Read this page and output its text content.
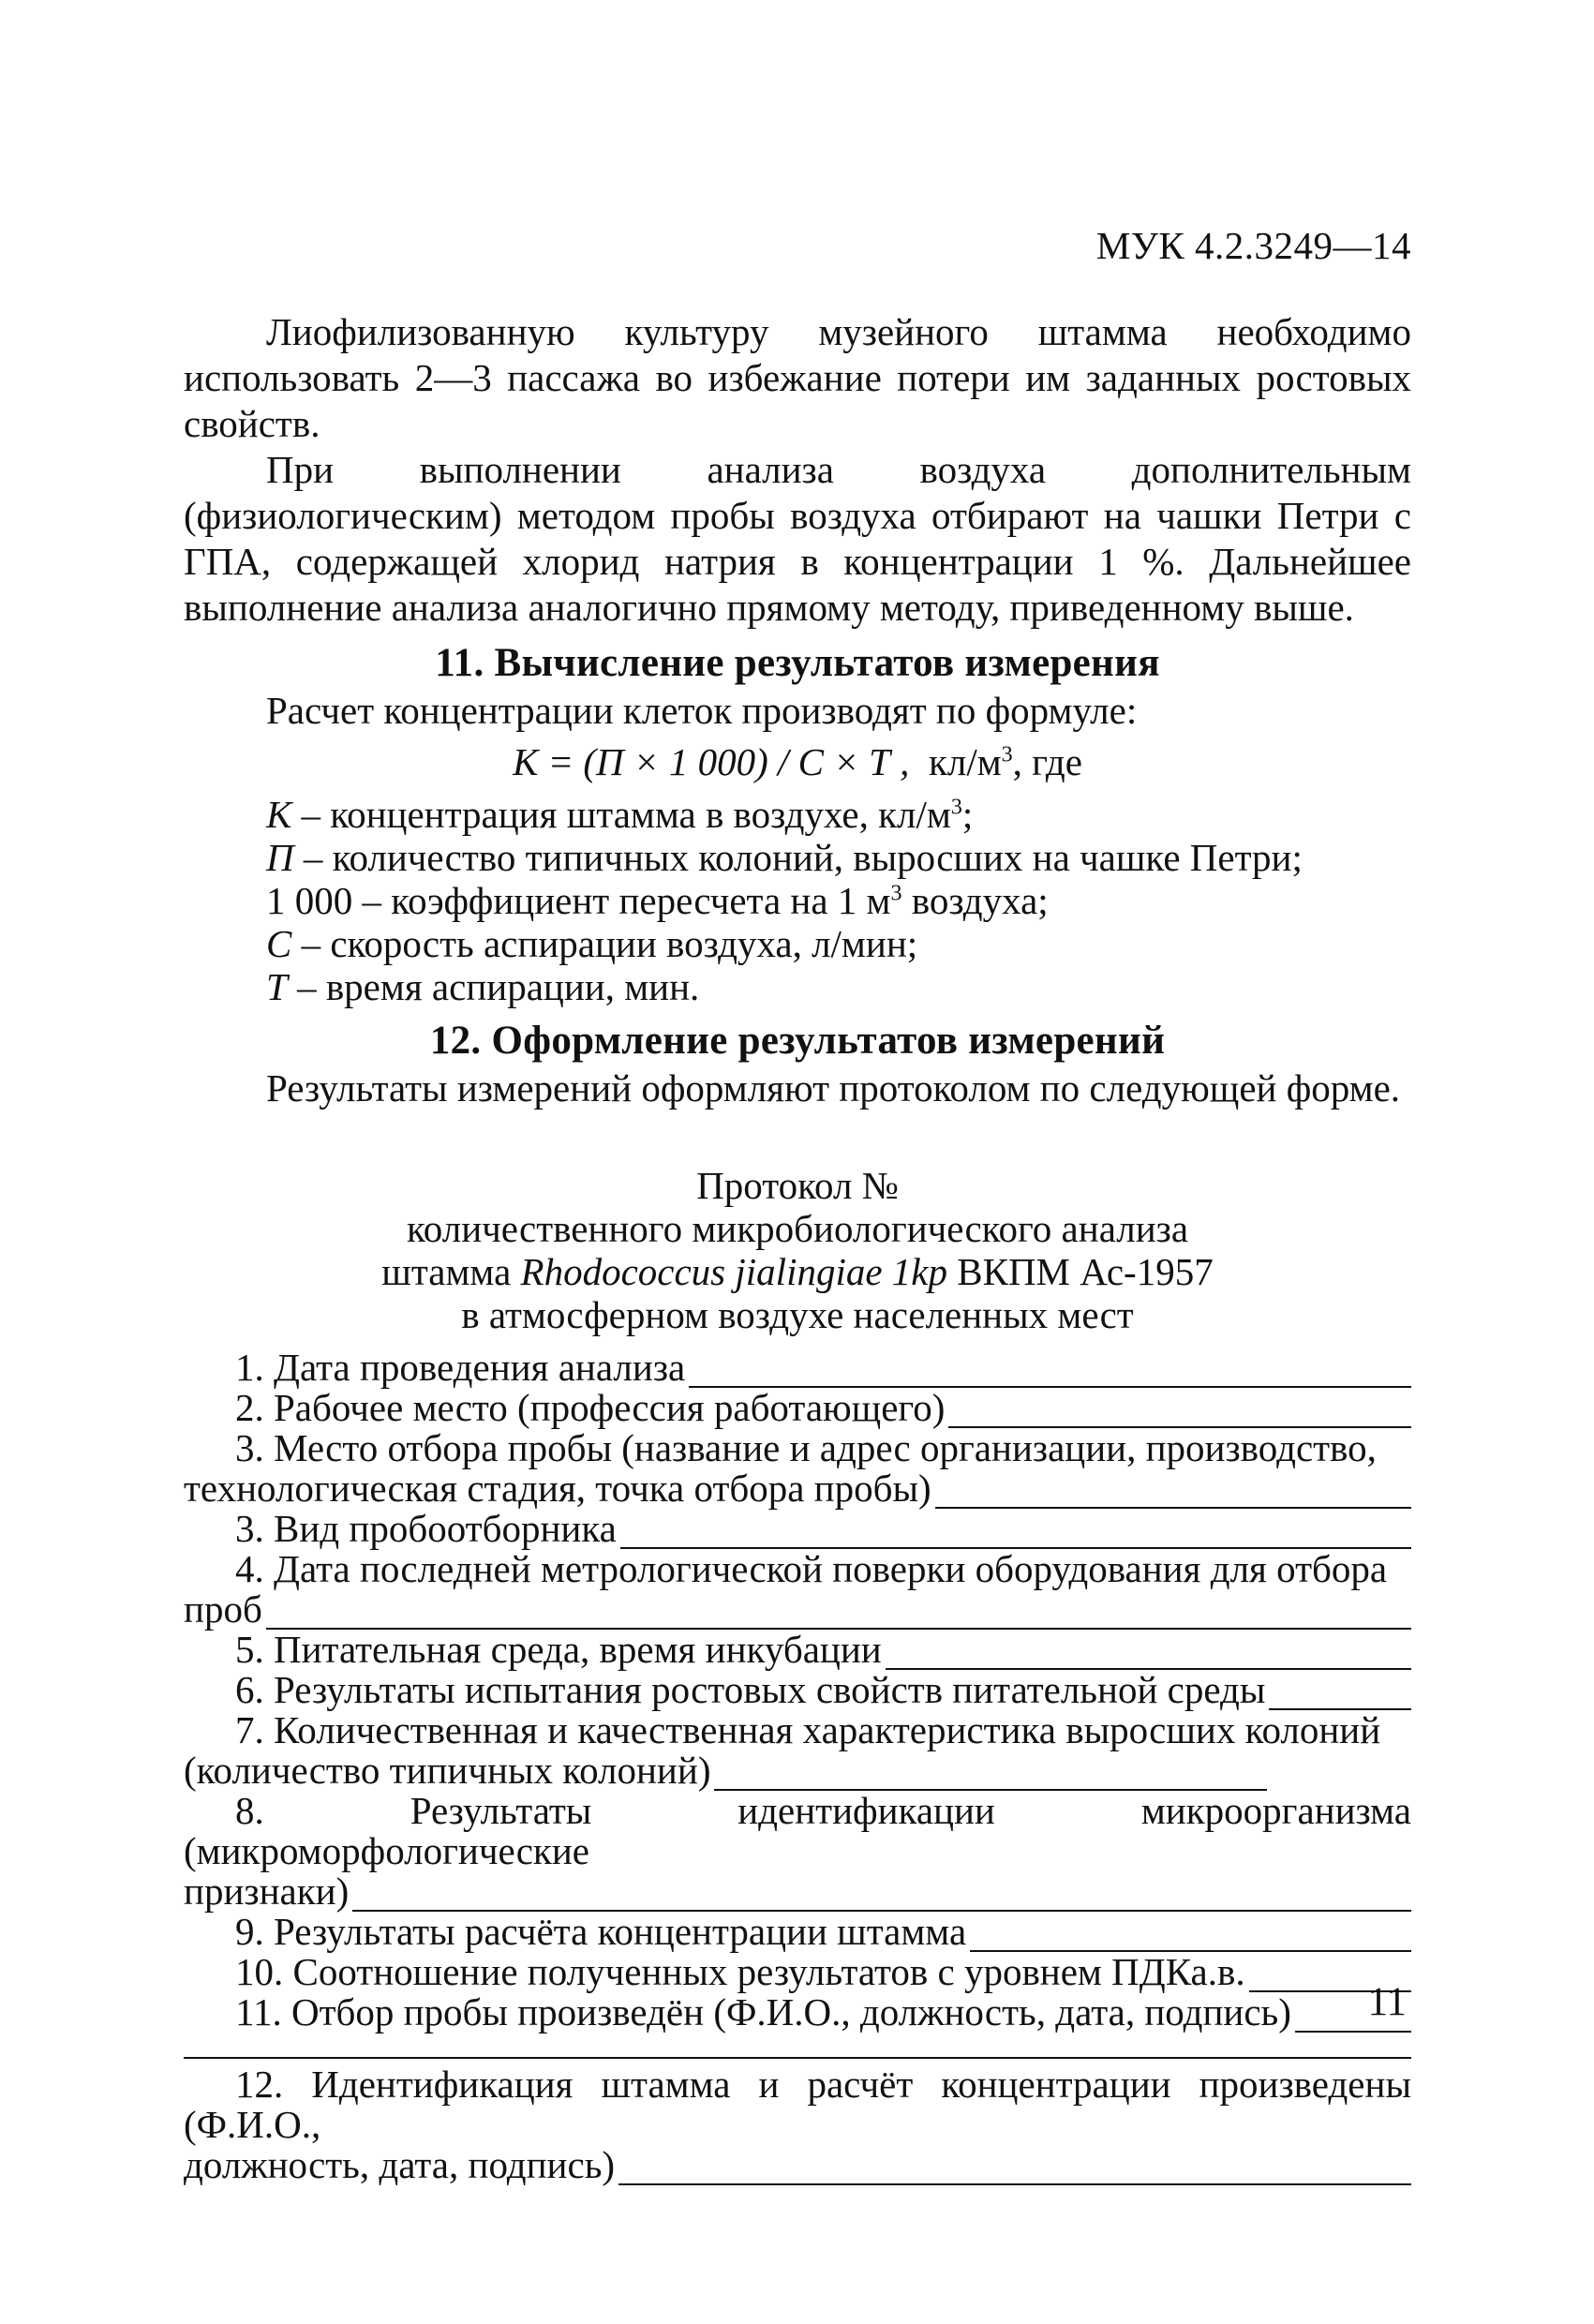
МУК 4.2.3249—14

Лиофилизованную культуру музейного штамма необходимо использовать 2—3 пассажа во избежание потери им заданных ростовых свойств.

При выполнении анализа воздуха дополнительным (физиологическим) методом пробы воздуха отбирают на чашки Петри с ГПА, содержащей хлорид натрия в концентрации 1 %. Дальнейшее выполнение анализа аналогично прямому методу, приведенному выше.

11. Вычисление результатов измерения

Расчет концентрации клеток производят по формуле:

К = (П × 1 000) / С × Т , $кл/м^3$, где

К – концентрация штамма в воздухе, $кл/м^3$;

П – количество типичных колоний, выросших на чашке Петри;

1 000 – коэффициент пересчета на 1 $м^3$ воздуха;

С – скорость аспирации воздуха, л/мин;

Т – время аспирации, мин.

12. Оформление результатов измерений

Результаты измерений оформляют протоколом по следующей форме.

Протокол №
количественного микробиологического анализа
штамма Rhodococcus jialingiae 1kp ВКПМ Ас-1957
в атмосферном воздухе населенных мест
1. Дата проведения анализа
2. Рабочее место (профессия работающего)
3. Место отбора пробы (название и адрес организации, производство,
технологическая стадия, точка отбора пробы)
3. Вид пробоотборника
4. Дата последней метрологической поверки оборудования для отбора
проб
5. Питательная среда, время инкубации
6. Результаты испытания ростовых свойств питательной среды
7. Количественная и качественная характеристика выросших колоний
(количество типичных колоний)
8. Результаты идентификации микроорганизма (микроморфологические
признаки)
9. Результаты расчёта концентрации штамма
10. Соотношение полученных результатов с уровнем ПДКа.в.
11. Отбор пробы произведён (Ф.И.О., должность, дата, подпись)
12. Идентификация штамма и расчёт концентрации произведены (Ф.И.О.,
должность, дата, подпись)
11
